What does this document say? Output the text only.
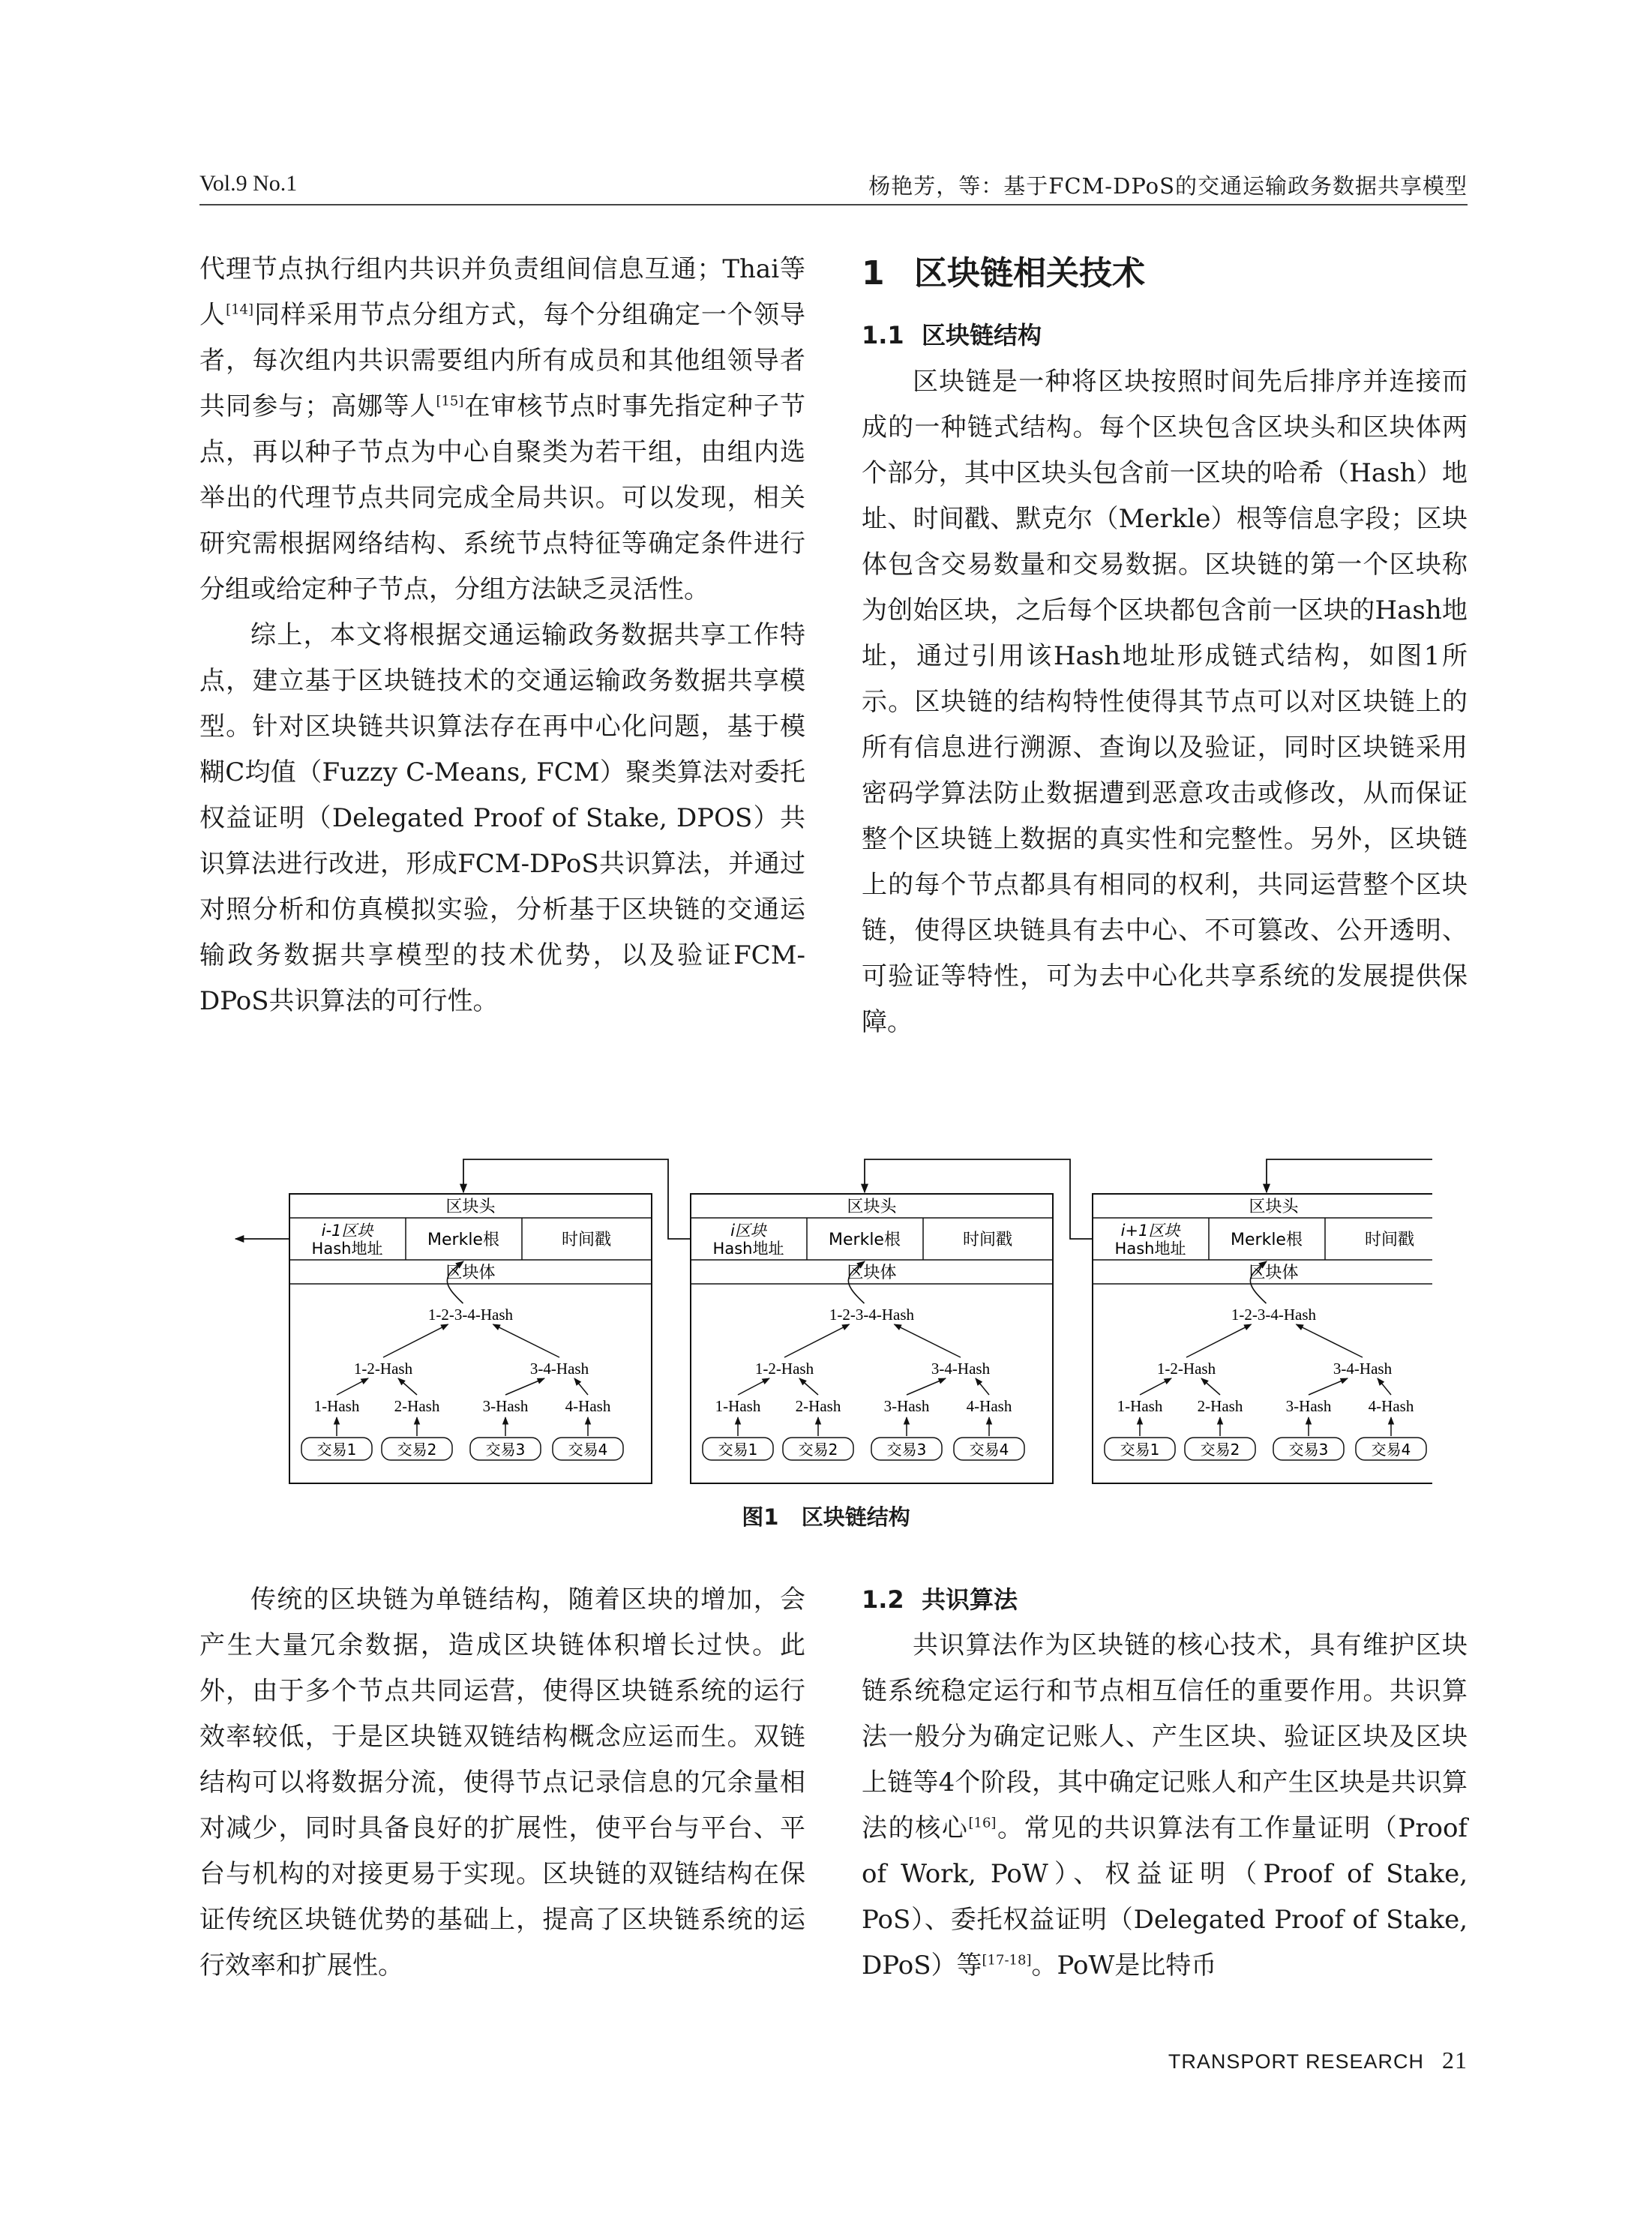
Vol.9 No.1	杨艳芳，等：基于FCM-DPoS的交通运输政务数据共享模型

代理节点执行组内共识并负责组间信息互通；Thai等人[14]同样采用节点分组方式，每个分组确定一个领导者，每次组内共识需要组内所有成员和其他组领导者共同参与；高娜等人[15]在审核节点时事先指定种子节点，再以种子节点为中心自聚类为若干组，由组内选举出的代理节点共同完成全局共识。可以发现，相关研究需根据网络结构、系统节点特征等确定条件进行分组或给定种子节点，分组方法缺乏灵活性。

综上，本文将根据交通运输政务数据共享工作特点，建立基于区块链技术的交通运输政务数据共享模型。针对区块链共识算法存在再中心化问题，基于模糊C均值（Fuzzy C-Means, FCM）聚类算法对委托权益证明（Delegated Proof of Stake, DPOS）共识算法进行改进，形成FCM-DPoS共识算法，并通过对照分析和仿真模拟实验，分析基于区块链的交通运输政务数据共享模型的技术优势，以及验证FCM-DPoS共识算法的可行性。

1 区块链相关技术
1.1 区块链结构

区块链是一种将区块按照时间先后排序并连接而成的一种链式结构。每个区块包含区块头和区块体两个部分，其中区块头包含前一区块的哈希（Hash）地址、时间戳、默克尔（Merkle）根等信息字段；区块体包含交易数量和交易数据。区块链的第一个区块称为创始区块，之后每个区块都包含前一区块的Hash地址，通过引用该Hash地址形成链式结构，如图1所示。区块链的结构特性使得其节点可以对区块链上的所有信息进行溯源、查询以及验证，同时区块链采用密码学算法防止数据遭到恶意攻击或修改，从而保证整个区块链上数据的真实性和完整性。另外，区块链上的每个节点都具有相同的权利，共同运营整个区块链，使得区块链具有去中心、不可篡改、公开透明、可验证等特性，可为去中心化共享系统的发展提供保障。

区块头
i-1区块
Hash地址	Merkle根	时间戳
区块体
1-2-3-4-Hash
1-2-Hash	3-4-Hash
1-Hash
交易1
2-Hash
交易2
3-Hash
交易3
4-Hash
交易4
区块头
i区块
Hash地址	Merkle根	时间戳
区块体
1-2-3-4-Hash
1-2-Hash	3-4-Hash
1-Hash
交易1
2-Hash
交易2
3-Hash
交易3
4-Hash
交易4
区块头
i+1区块
Hash地址	Merkle根	时间戳
区块体
1-2-3-4-Hash
1-2-Hash	3-4-Hash
1-Hash
交易1
2-Hash
交易2
3-Hash
交易3
4-Hash
交易4
图1 区块链结构

传统的区块链为单链结构，随着区块的增加，会产生大量冗余数据，造成区块链体积增长过快。此外，由于多个节点共同运营，使得区块链系统的运行效率较低，于是区块链双链结构概念应运而生。双链结构可以将数据分流，使得节点记录信息的冗余量相对减少，同时具备良好的扩展性，使平台与平台、平台与机构的对接更易于实现。区块链的双链结构在保证传统区块链优势的基础上，提高了区块链系统的运行效率和扩展性。

1.2 共识算法

共识算法作为区块链的核心技术，具有维护区块链系统稳定运行和节点相互信任的重要作用。共识算法一般分为确定记账人、产生区块、验证区块及区块上链等4个阶段，其中确定记账人和产生区块是共识算法的核心[16]。常见的共识算法有工作量证明（Proof of Work, PoW）、权益证明（Proof of Stake, PoS）、委托权益证明（Delegated Proof of Stake, DPoS）等[17-18]。PoW是比特币

TRANSPORT RESEARCH 21
